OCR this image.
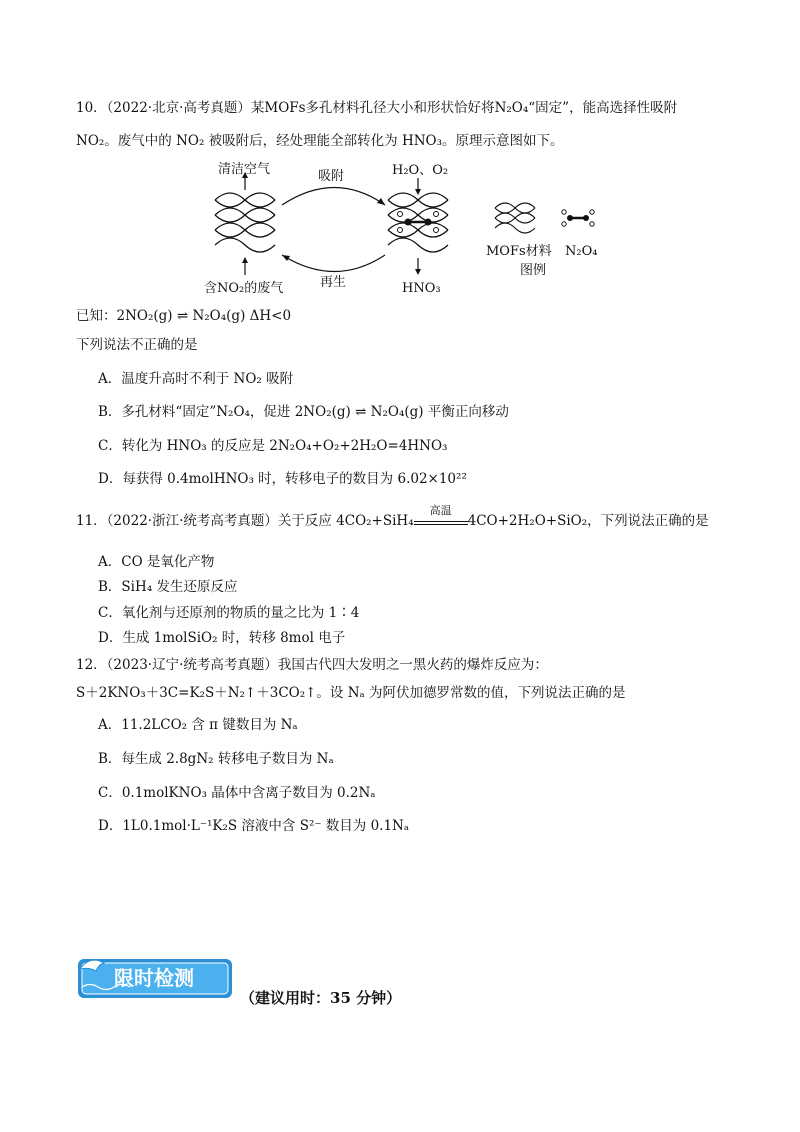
10．（2022·北京·高考真题）某MOFs多孔材料孔径大小和形状恰好将N₂O₄“固定”，能高选择性吸附
NO₂。废气中的 NO₂ 被吸附后，经处理能全部转化为 HNO₃。原理示意图如下。
清洁空气	吸附	H₂O、O₂
再生
含NO₂的废气	HNO₃
MOFs材料 N₂O₄
图例
已知：2NO₂(g) ⇌ N₂O₄(g) ΔH<0
下列说法不正确的是
A．温度升高时不利于 NO₂ 吸附
B．多孔材料“固定”N₂O₄，促进 2NO₂(g) ⇌ N₂O₄(g) 平衡正向移动
C．转化为 HNO₃ 的反应是 2N₂O₄+O₂+2H₂O=4HNO₃
D．每获得 0.4molHNO₃ 时，转移电子的数目为 6.02×10²²
11．（2022·浙江·统考高考真题）关于反应 4CO₂+SiH₄
高温
4CO+2H₂O+SiO₂，下列说法正确的是
A．CO 是氧化产物
B．SiH₄ 发生还原反应
C．氧化剂与还原剂的物质的量之比为 1∶4
D．生成 1molSiO₂ 时，转移 8mol 电子
12．（2023·辽宁·统考高考真题）我国古代四大发明之一黑火药的爆炸反应为：
S＋2KNO₃＋3C=K₂S＋N₂↑＋3CO₂↑。设 Nₐ 为阿伏加德罗常数的值，下列说法正确的是
A．11.2LCO₂ 含 π 键数目为 Nₐ
B．每生成 2.8gN₂ 转移电子数目为 Nₐ
C．0.1molKNO₃ 晶体中含离子数目为 0.2Nₐ
D．1L0.1mol·L⁻¹K₂S 溶液中含 S²⁻ 数目为 0.1Nₐ
限时检测
（建议用时：35 分钟）
